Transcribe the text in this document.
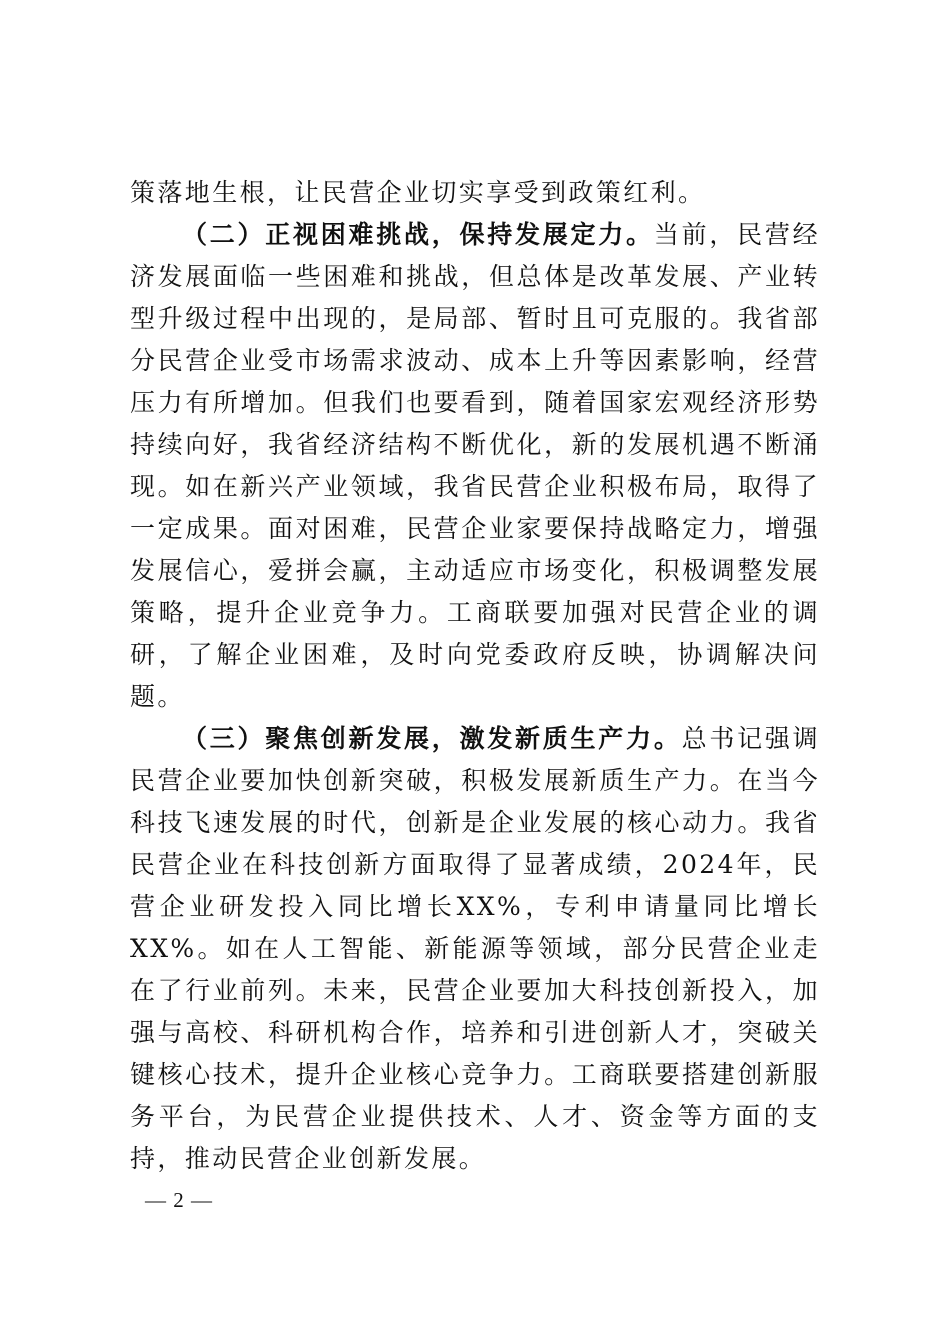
策落地生根，让民营企业切实享受到政策红利。

（二）正视困难挑战，保持发展定力。当前，民营经济发展面临一些困难和挑战，但总体是改革发展、产业转型升级过程中出现的，是局部、暂时且可克服的。我省部分民营企业受市场需求波动、成本上升等因素影响，经营压力有所增加。但我们也要看到，随着国家宏观经济形势持续向好，我省经济结构不断优化，新的发展机遇不断涌现。如在新兴产业领域，我省民营企业积极布局，取得了一定成果。面对困难，民营企业家要保持战略定力，增强发展信心，爱拼会赢，主动适应市场变化，积极调整发展策略，提升企业竞争力。工商联要加强对民营企业的调研，了解企业困难，及时向党委政府反映，协调解决问题。

（三）聚焦创新发展，激发新质生产力。总书记强调民营企业要加快创新突破，积极发展新质生产力。在当今科技飞速发展的时代，创新是企业发展的核心动力。我省民营企业在科技创新方面取得了显著成绩，2024年，民营企业研发投入同比增长XX%，专利申请量同比增长XX%。如在人工智能、新能源等领域，部分民营企业走在了行业前列。未来，民营企业要加大科技创新投入，加强与高校、科研机构合作，培养和引进创新人才，突破关键核心技术，提升企业核心竞争力。工商联要搭建创新服务平台，为民营企业提供技术、人才、资金等方面的支持，推动民营企业创新发展。

— 2 —
